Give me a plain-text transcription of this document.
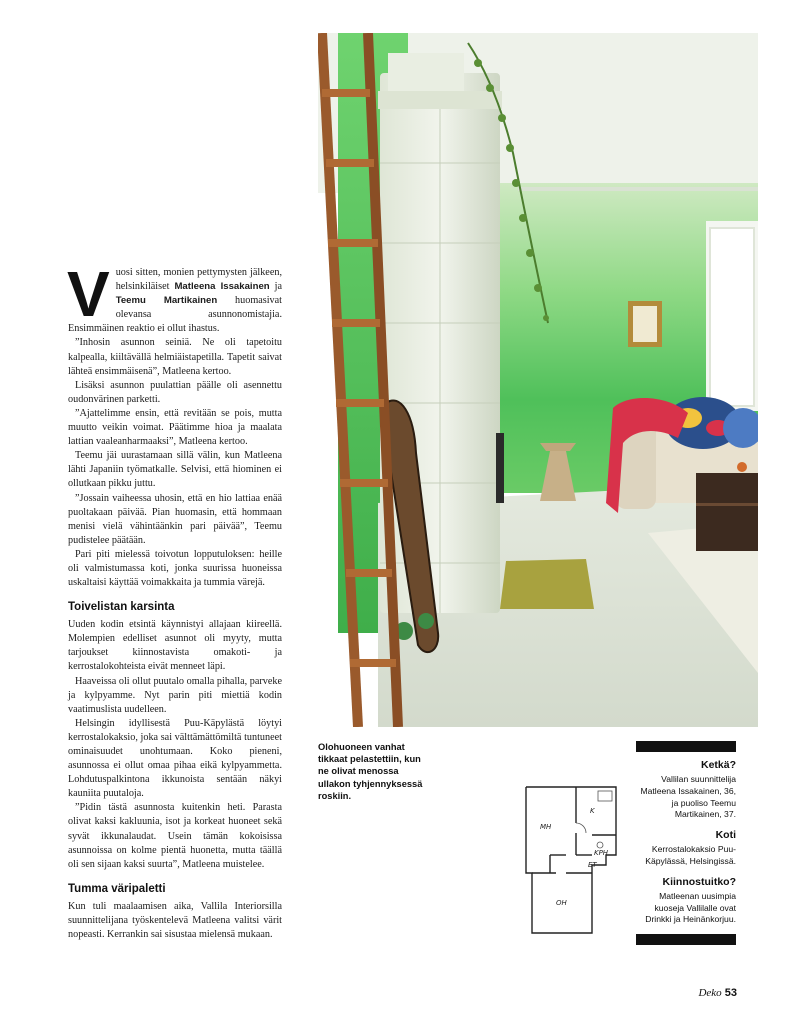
Vuosi sitten, monien pettymysten jälkeen, helsinkiläiset Matleena Issakainen ja Teemu Martikainen huomasivat olevansa asunnonomistajia. Ensimmäinen reaktio ei ollut ihastus.

”Inhosin asunnon seiniä. Ne oli tapetoitu kalpealla, kiiltävällä helmiäistapetilla. Tapetit saivat lähteä ensimmäisenä”, Matleena kertoo.

Lisäksi asunnon puulattian päälle oli asennettu oudonvärinen parketti.

”Ajattelimme ensin, että revitään se pois, mutta muutto veikin voimat. Päätimme hioa ja maalata lattian vaaleanharmaaksi”, Matleena kertoo.

Teemu jäi uurastamaan sillä välin, kun Matleena lähti Japaniin työmatkalle. Selvisi, että hiominen ei ollutkaan pikku juttu.

”Jossain vaiheessa uhosin, että en hio lattiaa enää puoltakaan päivää. Pian huomasin, että hommaan menisi vielä vähintäänkin pari päivää”, Teemu pudistelee päätään.

Pari piti mielessä toivotun lopputuloksen: heille oli valmistumassa koti, jonka suurissa huoneissa uskaltaisi käyttää voimakkaita ja tummia värejä.

Toivelistan karsinta

Uuden kodin etsintä käynnistyi allajaan kiireellä. Molempien edelliset asunnot oli myyty, mutta tarjoukset kiinnostavista omakoti- ja kerrostalokohteista eivät menneet läpi.

Haaveissa oli ollut puutalo omalla pihalla, parveke ja kylpyamme. Nyt parin piti miettiä kodin vaatimuslista uudelleen.

Helsingin idyllisestä Puu-Käpylästä löytyi kerrostalokaksio, joka sai välttämättömiltä tuntuneet ominaisuudet unohtumaan. Koko pieneni, asunnossa ei ollut omaa pihaa eikä kylpyammetta. Lohdutuspalkintona ikkunoista sentään näkyi kauniita puutaloja.

”Pidin tästä asunnosta kuitenkin heti. Parasta olivat kaksi kakluunia, isot ja korkeat huoneet sekä syvät ikkunalaudat. Usein tämän kokoisissa asunnoissa on kolme pientä huonetta, mutta täällä oli sen sijaan kaksi suurta”, Matleena muistelee.

Tumma väripaletti

Kun tuli maalaamisen aika, Vallila Interiorsilla suunnittelijana työskentelevä Matleena valitsi värit nopeasti. Kerrankin sai sisustaa mielensä mukaan.

Olohuoneen vanhat tikkaat pelastettiin, kun ne olivat menossa ullakon tyhjennyksessä roskiin.
MH
K
KPH
ET
OH
Ketkä?

Vallilan suunnittelija Matleena Issakainen, 36, ja puoliso Teemu Martikainen, 37.

Koti

Kerrostalokaksio Puu-Käpylässä, Helsingissä.

Kiinnostuitko?

Matleenan uusimpia kuoseja Vallilalle ovat Drinkki ja Heinänkorjuu.

Deko 53
